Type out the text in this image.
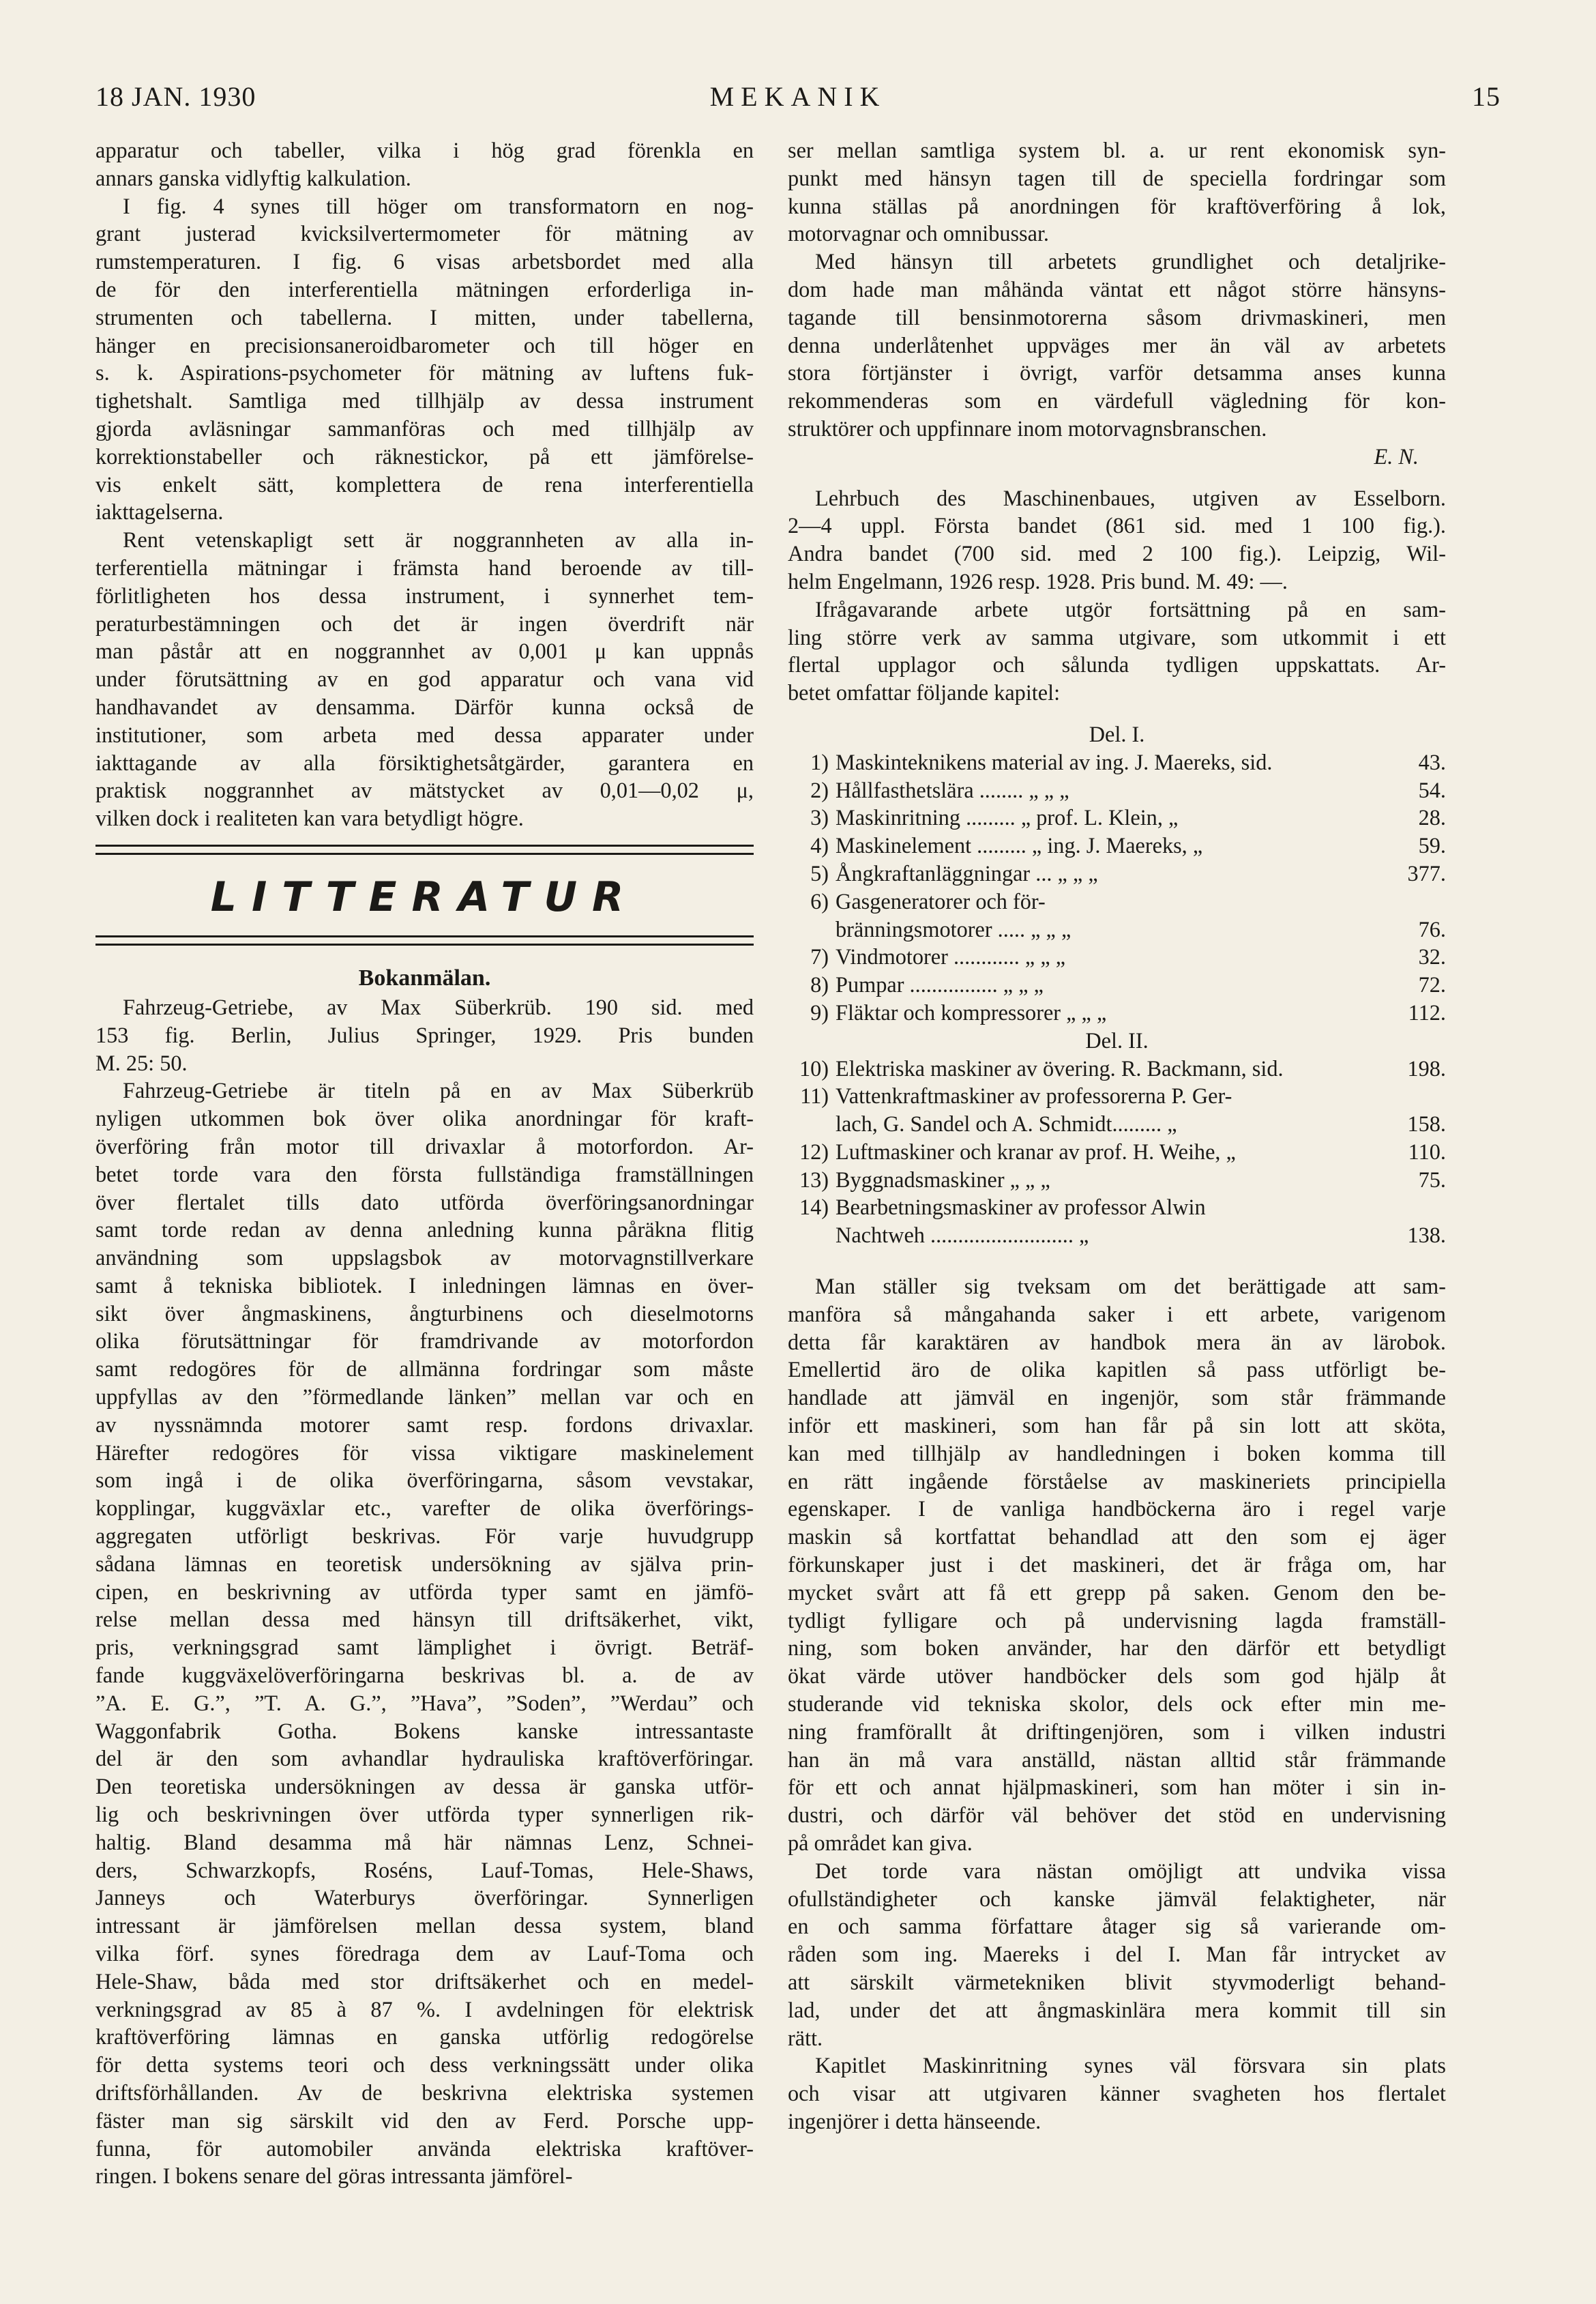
18 JAN. 1930	MEKANIK	15
apparatur och tabeller, vilka i hög grad förenkla en
annars ganska vidlyftig kalkulation.
I fig. 4 synes till höger om transformatorn en nog-
grant justerad kvicksilvertermometer för mätning av
rumstemperaturen. I fig. 6 visas arbetsbordet med alla
de för den interferentiella mätningen erforderliga in-
strumenten och tabellerna. I mitten, under tabellerna,
hänger en precisionsaneroidbarometer och till höger en
s. k. Aspirations-psychometer för mätning av luftens fuk-
tighetshalt. Samtliga med tillhjälp av dessa instrument
gjorda avläsningar sammanföras och med tillhjälp av
korrektionstabeller och räknestickor, på ett jämförelse-
vis enkelt sätt, komplettera de rena interferentiella
iakttagelserna.
Rent vetenskapligt sett är noggrannheten av alla in-
terferentiella mätningar i främsta hand beroende av till-
förlitligheten hos dessa instrument, i synnerhet tem-
peraturbestämningen och det är ingen överdrift när
man påstår att en noggrannhet av 0,001 μ kan uppnås
under förutsättning av en god apparatur och vana vid
handhavandet av densamma. Därför kunna också de
institutioner, som arbeta med dessa apparater under
iakttagande av alla försiktighetsåtgärder, garantera en
praktisk noggrannhet av mätstycket av 0,01—0,02 μ,
vilken dock i realiteten kan vara betydligt högre.
LITTERATUR
Bokanmälan.
Fahrzeug-Getriebe, av Max Süberkrüb. 190 sid. med
153 fig. Berlin, Julius Springer, 1929. Pris bunden
M. 25: 50.
Fahrzeug-Getriebe är titeln på en av Max Süberkrüb
nyligen utkommen bok över olika anordningar för kraft-
överföring från motor till drivaxlar å motorfordon. Ar-
betet torde vara den första fullständiga framställningen
över flertalet tills dato utförda överföringsanordningar
samt torde redan av denna anledning kunna påräkna flitig
användning som uppslagsbok av motorvagnstillverkare
samt å tekniska bibliotek. I inledningen lämnas en över-
sikt över ångmaskinens, ångturbinens och dieselmotorns
olika förutsättningar för framdrivande av motorfordon
samt redogöres för de allmänna fordringar som måste
uppfyllas av den ”förmedlande länken” mellan var och en
av nyssnämnda motorer samt resp. fordons drivaxlar.
Härefter redogöres för vissa viktigare maskinelement
som ingå i de olika överföringarna, såsom vevstakar,
kopplingar, kuggväxlar etc., varefter de olika överförings-
aggregaten utförligt beskrivas. För varje huvudgrupp
sådana lämnas en teoretisk undersökning av själva prin-
cipen, en beskrivning av utförda typer samt en jämfö-
relse mellan dessa med hänsyn till driftsäkerhet, vikt,
pris, verkningsgrad samt lämplighet i övrigt. Beträf-
fande kuggväxelöverföringarna beskrivas bl. a. de av
”A. E. G.”, ”T. A. G.”, ”Hava”, ”Soden”, ”Werdau” och
Waggonfabrik Gotha. Bokens kanske intressantaste
del är den som avhandlar hydrauliska kraftöverföringar.
Den teoretiska undersökningen av dessa är ganska utför-
lig och beskrivningen över utförda typer synnerligen rik-
haltig. Bland desamma må här nämnas Lenz, Schnei-
ders, Schwarzkopfs, Roséns, Lauf-Tomas, Hele-Shaws,
Janneys och Waterburys överföringar. Synnerligen
intressant är jämförelsen mellan dessa system, bland
vilka förf. synes föredraga dem av Lauf-Toma och
Hele-Shaw, båda med stor driftsäkerhet och en medel-
verkningsgrad av 85 à 87 %. I avdelningen för elektrisk
kraftöverföring lämnas en ganska utförlig redogörelse
för detta systems teori och dess verkningssätt under olika
driftsförhållanden. Av de beskrivna elektriska systemen
fäster man sig särskilt vid den av Ferd. Porsche upp-
funna, för automobiler använda elektriska kraftöver-
ringen. I bokens senare del göras intressanta jämförel-
ser mellan samtliga system bl. a. ur rent ekonomisk syn-
punkt med hänsyn tagen till de speciella fordringar som
kunna ställas på anordningen för kraftöverföring å lok,
motorvagnar och omnibussar.
Med hänsyn till arbetets grundlighet och detaljrike-
dom hade man måhända väntat ett något större hänsyns-
tagande till bensinmotorerna såsom drivmaskineri, men
denna underlåtenhet uppväges mer än väl av arbetets
stora förtjänster i övrigt, varför detsamma anses kunna
rekommenderas som en värdefull vägledning för kon-
struktörer och uppfinnare inom motorvagnsbranschen.
E. N.
Lehrbuch des Maschinenbaues, utgiven av Esselborn.
2—4 uppl. Första bandet (861 sid. med 1 100 fig.).
Andra bandet (700 sid. med 2 100 fig.). Leipzig, Wil-
helm Engelmann, 1926 resp. 1928. Pris bund. M. 49: —.
Ifrågavarande arbete utgör fortsättning på en sam-
ling större verk av samma utgivare, som utkommit i ett
flertal upplagor och sålunda tydligen uppskattats. Ar-
betet omfattar följande kapitel:
Del. I.
1) Maskinteknikens material av ing. J. Maereks, sid.	43.
2) Hållfasthetslära ........ „ „ „	54.
3) Maskinritning ......... „ prof. L. Klein, „	28.
4) Maskinelement ......... „ ing. J. Maereks, „	59.
5) Ångkraftanläggningar ... „ „ „	377.
6) Gasgeneratorer och för-
bränningsmotorer ..... „ „ „	76.
7) Vindmotorer ............ „ „ „	32.
8) Pumpar ................ „ „ „	72.
9) Fläktar och kompressorer „ „ „	112.
Del. II.
10) Elektriska maskiner av övering. R. Backmann, sid.	198.
11) Vattenkraftmaskiner av professorerna P. Ger-
lach, G. Sandel och A. Schmidt......... „	158.
12) Luftmaskiner och kranar av prof. H. Weihe, „	110.
13) Byggnadsmaskiner „ „ „	75.
14) Bearbetningsmaskiner av professor Alwin
Nachtweh .......................... „	138.
Man ställer sig tveksam om det berättigade att sam-
manföra så mångahanda saker i ett arbete, varigenom
detta får karaktären av handbok mera än av lärobok.
Emellertid äro de olika kapitlen så pass utförligt be-
handlade att jämväl en ingenjör, som står främmande
inför ett maskineri, som han får på sin lott att sköta,
kan med tillhjälp av handledningen i boken komma till
en rätt ingående förståelse av maskineriets principiella
egenskaper. I de vanliga handböckerna äro i regel varje
maskin så kortfattat behandlad att den som ej äger
förkunskaper just i det maskineri, det är fråga om, har
mycket svårt att få ett grepp på saken. Genom den be-
tydligt fylligare och på undervisning lagda framställ-
ning, som boken använder, har den därför ett betydligt
ökat värde utöver handböcker dels som god hjälp åt
studerande vid tekniska skolor, dels ock efter min me-
ning framförallt åt driftingenjören, som i vilken industri
han än må vara anställd, nästan alltid står främmande
för ett och annat hjälpmaskineri, som han möter i sin in-
dustri, och därför väl behöver det stöd en undervisning
på området kan giva.
Det torde vara nästan omöjligt att undvika vissa
ofullständigheter och kanske jämväl felaktigheter, när
en och samma författare åtager sig så varierande om-
råden som ing. Maereks i del I. Man får intrycket av
att särskilt värmetekniken blivit styvmoderligt behand-
lad, under det att ångmaskinlära mera kommit till sin
rätt.
Kapitlet Maskinritning synes väl försvara sin plats
och visar att utgivaren känner svagheten hos flertalet
ingenjörer i detta hänseende.
